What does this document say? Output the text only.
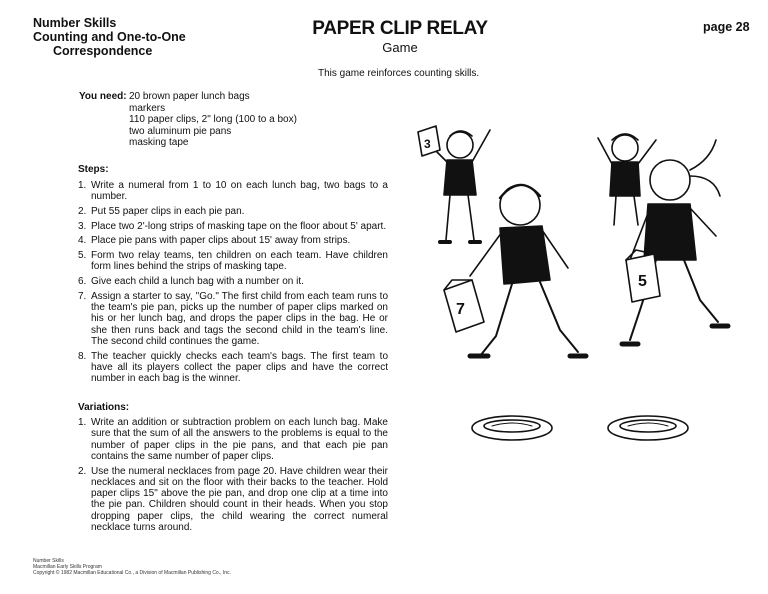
Number Skills
Counting and One-to-One
Correspondence
PAPER CLIP RELAY
Game
page 28
This game reinforces counting skills.
You need: 20 brown paper lunch bags
markers
110 paper clips, 2" long (100 to a box)
two aluminum pie pans
masking tape
Steps:
1. Write a numeral from 1 to 10 on each lunch bag, two bags to a number.
2. Put 55 paper clips in each pie pan.
3. Place two 2'-long strips of masking tape on the floor about 5' apart.
4. Place pie pans with paper clips about 15' away from strips.
5. Form two relay teams, ten children on each team. Have children form lines behind the strips of masking tape.
6. Give each child a lunch bag with a number on it.
7. Assign a starter to say, "Go." The first child from each team runs to the team's pie pan, picks up the number of paper clips marked on his or her lunch bag, and drops the paper clips in the bag. He or she then runs back and tags the second child in the team's line. The second child continues the game.
8. The teacher quickly checks each team's bags. The first team to have all its players collect the paper clips and have the correct number in each bag is the winner.
Variations:
1. Write an addition or subtraction problem on each lunch bag. Make sure that the sum of all the answers to the problems is equal to the number of paper clips in the pie pans, and that each pie pan contains the same number of paper clips.
2. Use the numeral necklaces from page 20. Have children wear their necklaces and sit on the floor with their backs to the teacher. Hold paper clips 15" above the pie pan, and drop one clip at a time into the pie pan. Children should count in their heads. When you stop dropping paper clips, the child wearing the correct numeral necklace turns around.
3
7
5
Number Skills
Macmillan Early Skills Program
Copyright © 1982 Macmillan Educational Co., a Division of Macmillan Publishing Co., Inc.
